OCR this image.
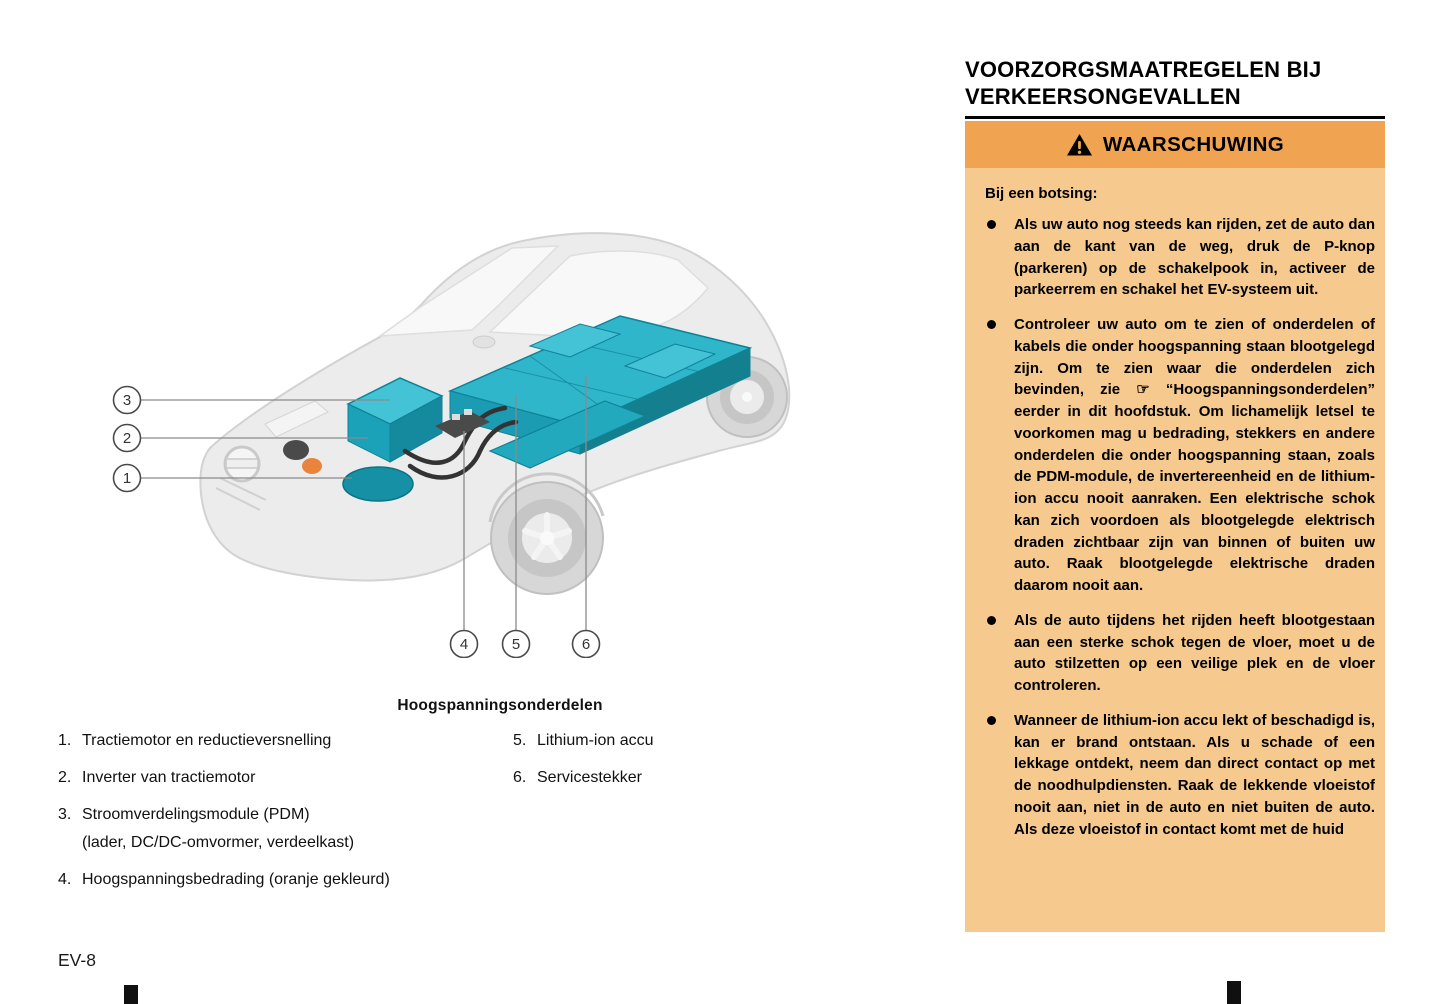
3
2
1
4	5	6
Hoogspanningsonderdelen
1. Tractiemotor en reductieversnelling
2. Inverter van tractiemotor
3. Stroomverdelingsmodule (PDM)
(lader, DC/DC-omvormer, verdeelkast)
4. Hoogspanningsbedrading (oranje gekleurd)
5. Lithium-ion accu
6. Servicestekker
VOORZORGSMAATREGELEN BIJ
VERKEERSONGEVALLEN
WAARSCHUWING

Bij een botsing:

Als uw auto nog steeds kan rijden, zet de auto dan aan de kant van de weg, druk de P-knop (parkeren) op de schakelpook in, activeer de parkeerrem en schakel het EV-systeem uit.
Controleer uw auto om te zien of onderdelen of kabels die onder hoogspanning staan blootgelegd zijn. Om te zien waar die onderdelen zich bevinden, zie ☞ “Hoogspanningsonderdelen” eerder in dit hoofdstuk. Om lichamelijk letsel te voorkomen mag u bedrading, stekkers en andere onderdelen die onder hoogspanning staan, zoals de PDM-module, de invertereenheid en de lithium-ion accu nooit aanraken. Een elektrische schok kan zich voordoen als blootgelegde elektrisch draden zichtbaar zijn van binnen of buiten uw auto. Raak blootgelegde elektrische draden daarom nooit aan.
Als de auto tijdens het rijden heeft blootgestaan aan een sterke schok tegen de vloer, moet u de auto stilzetten op een veilige plek en de vloer controleren.
Wanneer de lithium-ion accu lekt of beschadigd is, kan er brand ontstaan. Als u schade of een lekkage ontdekt, neem dan direct contact op met de noodhulpdiensten. Raak de lekkende vloeistof nooit aan, niet in de auto en niet buiten de auto. Als deze vloeistof in contact komt met de huid
EV-8
